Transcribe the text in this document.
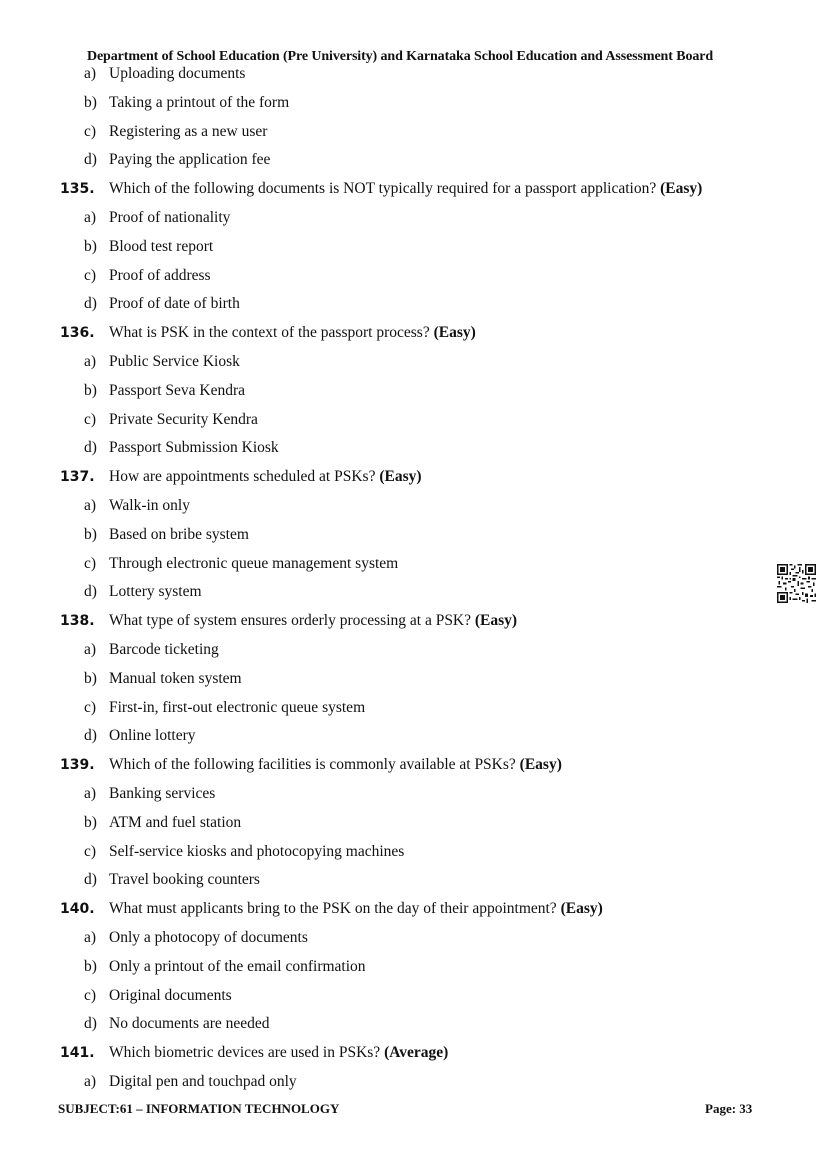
Department of School Education (Pre University) and Karnataka School Education and Assessment Board
a) Uploading documents
b) Taking a printout of the form
c) Registering as a new user
d) Paying the application fee
135. Which of the following documents is NOT typically required for a passport application? (Easy)
a) Proof of nationality
b) Blood test report
c) Proof of address
d) Proof of date of birth
136. What is PSK in the context of the passport process? (Easy)
a) Public Service Kiosk
b) Passport Seva Kendra
c) Private Security Kendra
d) Passport Submission Kiosk
137. How are appointments scheduled at PSKs? (Easy)
a) Walk-in only
b) Based on bribe system
c) Through electronic queue management system
d) Lottery system
138. What type of system ensures orderly processing at a PSK? (Easy)
a) Barcode ticketing
b) Manual token system
c) First-in, first-out electronic queue system
d) Online lottery
139. Which of the following facilities is commonly available at PSKs? (Easy)
a) Banking services
b) ATM and fuel station
c) Self-service kiosks and photocopying machines
d) Travel booking counters
140. What must applicants bring to the PSK on the day of their appointment? (Easy)
a) Only a photocopy of documents
b) Only a printout of the email confirmation
c) Original documents
d) No documents are needed
141. Which biometric devices are used in PSKs? (Average)
a) Digital pen and touchpad only
SUBJECT:61 – INFORMATION TECHNOLOGY	Page: 33
